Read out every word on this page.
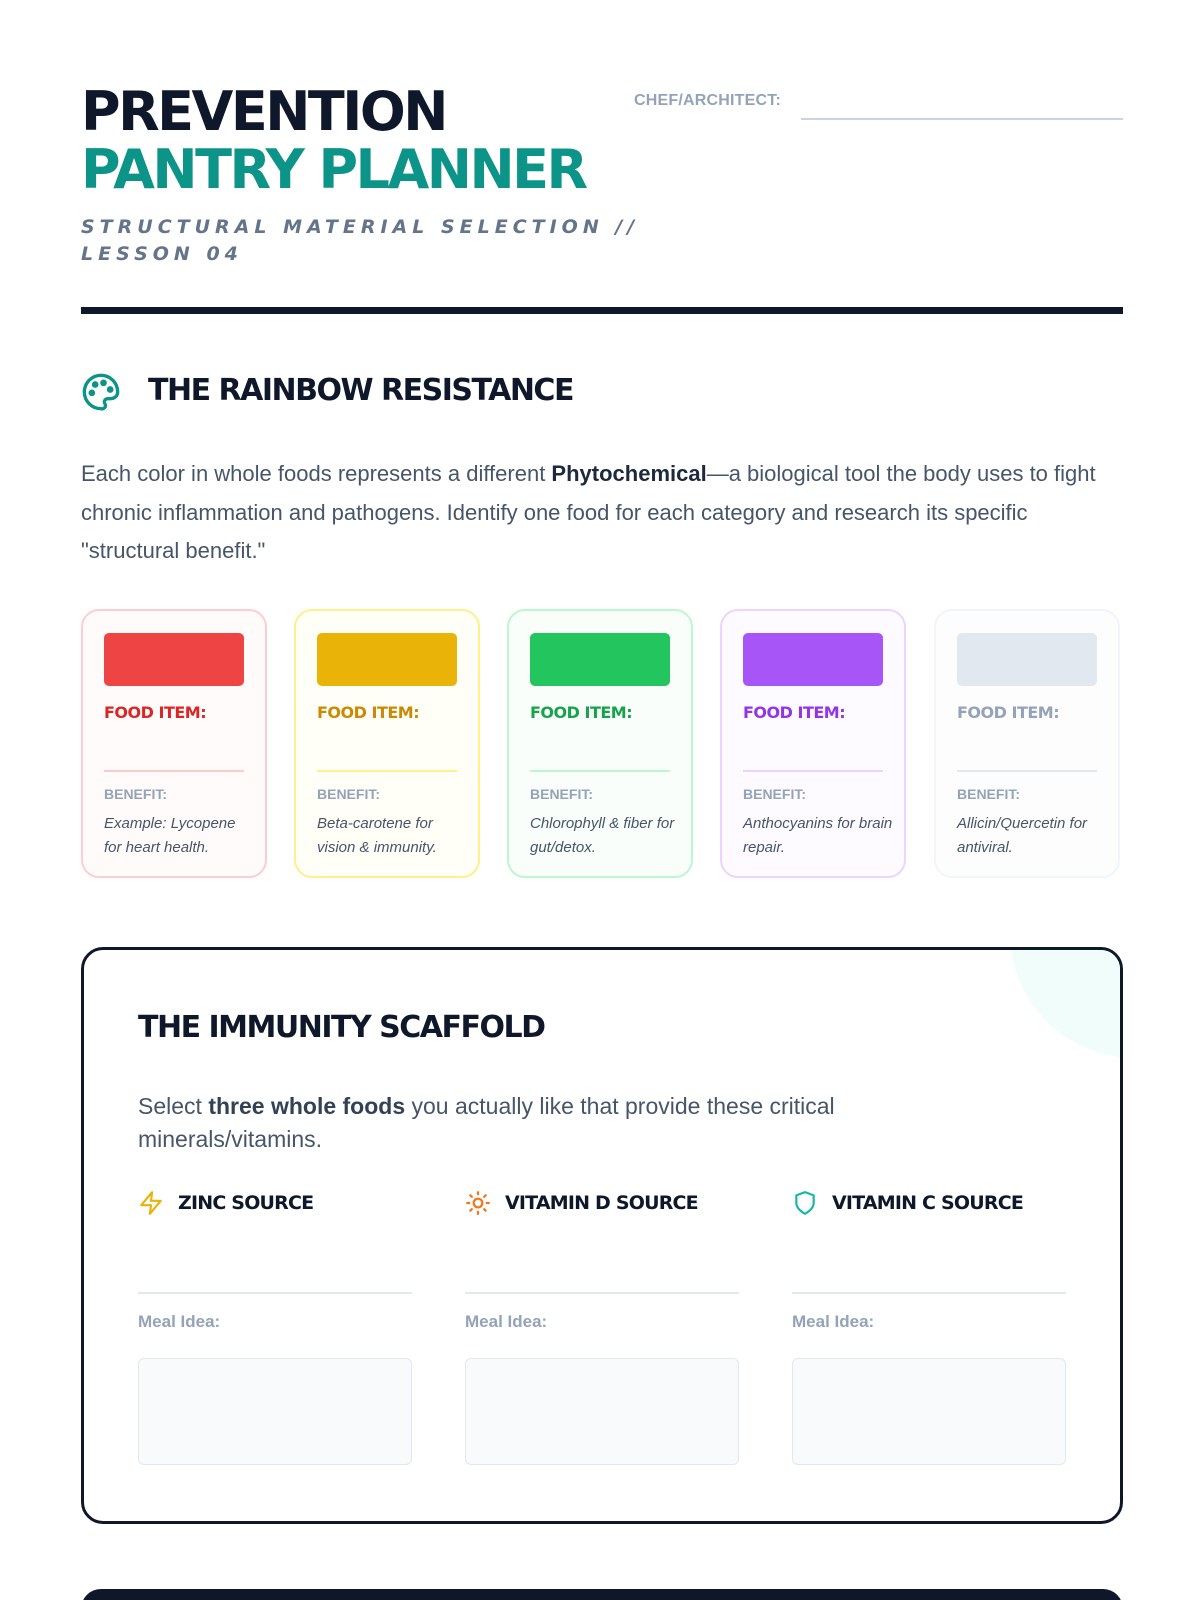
PREVENTION
PANTRY PLANNER
STRUCTURAL MATERIAL SELECTION // LESSON 04
CHEF/ARCHITECT:
THE RAINBOW RESISTANCE
Each color in whole foods represents a different Phytochemical—a biological tool the body uses to fight chronic inflammation and pathogens. Identify one food for each category and research its specific "structural benefit."
FOOD ITEM:
BENEFIT:
Example: Lycopene for heart health.
FOOD ITEM:
BENEFIT:
Beta-carotene for vision & immunity.
FOOD ITEM:
BENEFIT:
Chlorophyll & fiber for gut/detox.
FOOD ITEM:
BENEFIT:
Anthocyanins for brain repair.
FOOD ITEM:
BENEFIT:
Allicin/Quercetin for antiviral.
THE IMMUNITY SCAFFOLD
Select three whole foods you actually like that provide these critical minerals/vitamins.
ZINC SOURCE
Meal Idea:
VITAMIN D SOURCE
Meal Idea:
VITAMIN C SOURCE
Meal Idea:
